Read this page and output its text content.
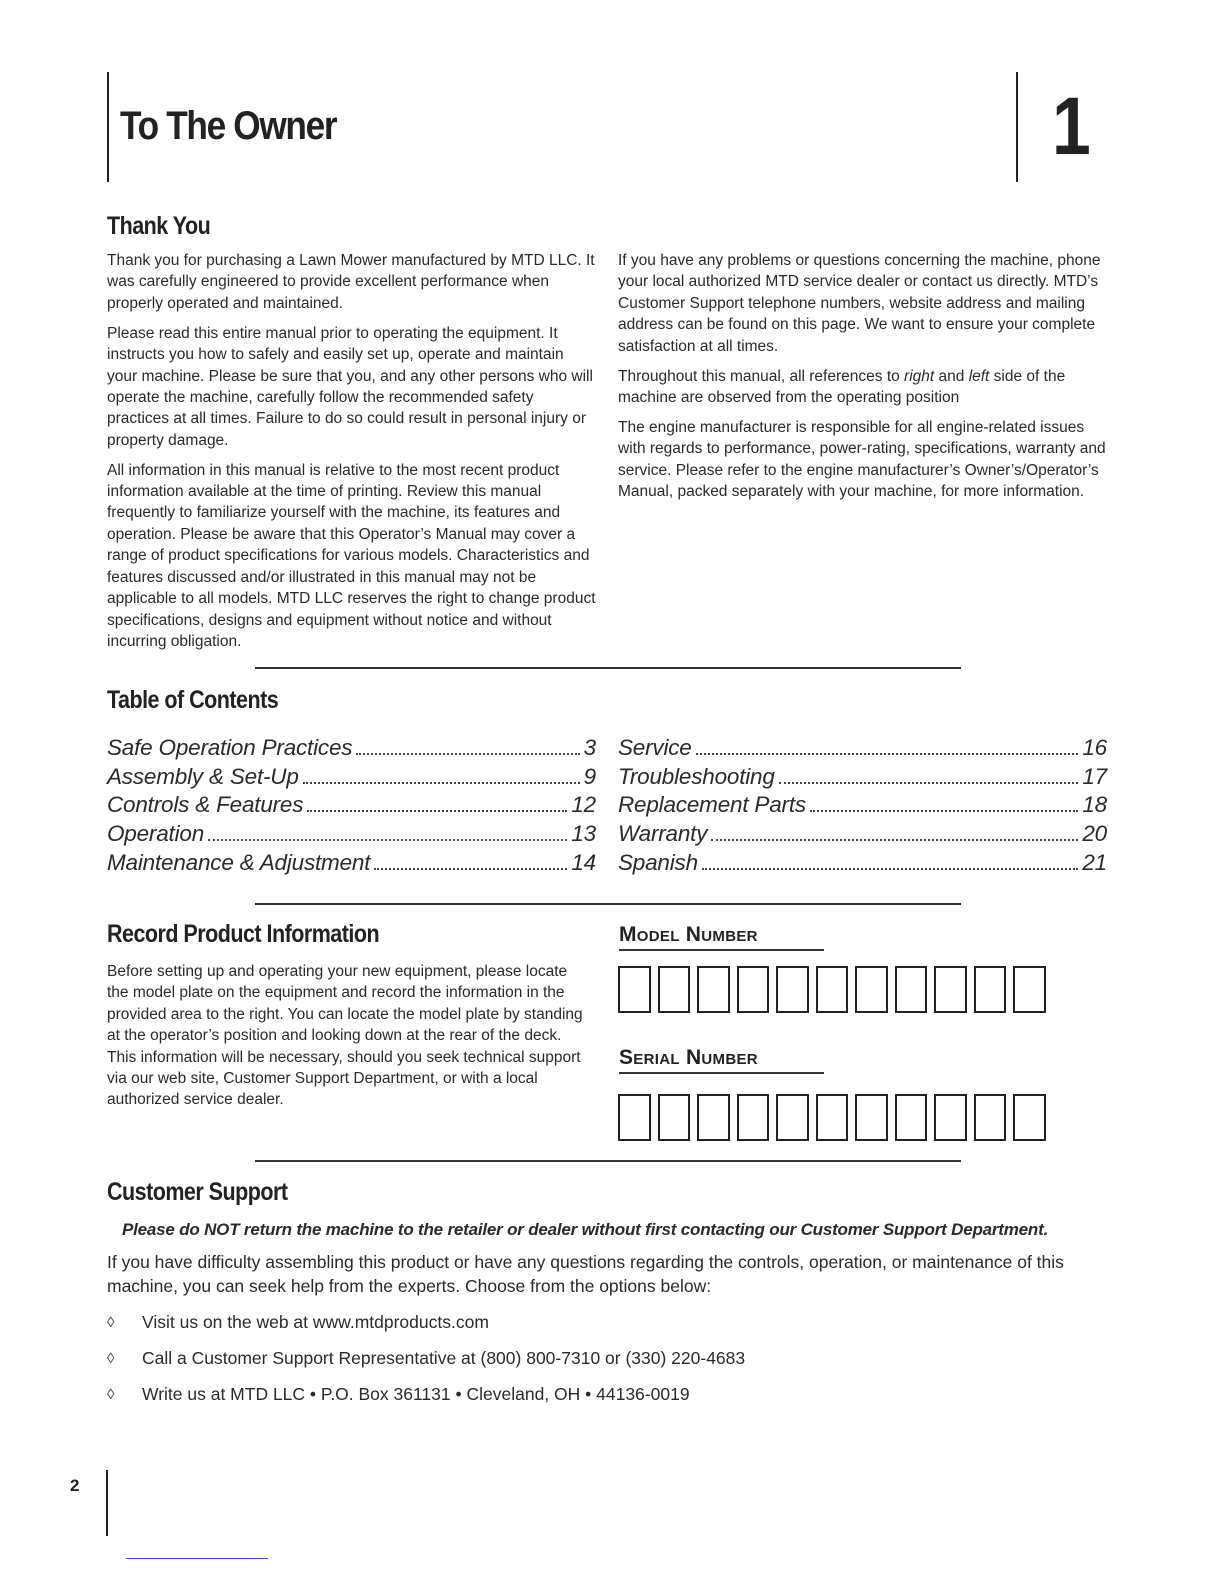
To The Owner	1
Thank You

Thank you for purchasing a Lawn Mower manufactured by MTD LLC. It was carefully engineered to provide excellent performance when properly operated and maintained.

Please read this entire manual prior to operating the equipment. It instructs you how to safely and easily set up, operate and maintain your machine. Please be sure that you, and any other persons who will operate the machine, carefully follow the recommended safety practices at all times. Failure to do so could result in personal injury or property damage.

All information in this manual is relative to the most recent product information available at the time of printing. Review this manual frequently to familiarize yourself with the machine, its features and operation. Please be aware that this Operator’s Manual may cover a range of product specifications for various models. Characteristics and features discussed and/or illustrated in this manual may not be applicable to all models. MTD LLC reserves the right to change product specifications, designs and equipment without notice and without incurring obligation.

If you have any problems or questions concerning the machine, phone your local authorized MTD service dealer or contact us directly. MTD’s Customer Support telephone numbers, website address and mailing address can be found on this page. We want to ensure your complete satisfaction at all times.

Throughout this manual, all references to right and left side of the machine are observed from the operating position

The engine manufacturer is responsible for all engine-related issues with regards to performance, power-rating, specifications, warranty and service. Please refer to the engine manufacturer’s Owner’s/Operator’s Manual, packed separately with your machine, for more information.

Table of Contents
Safe Operation Practices	3
Assembly & Set-Up	9
Controls & Features	12
Operation	13
Maintenance & Adjustment	14
Service	16
Troubleshooting	17
Replacement Parts	18
Warranty	20
Spanish	21
Record Product Information

Before setting up and operating your new equipment, please locate the model plate on the equipment and record the information in the provided area to the right. You can locate the model plate by standing at the operator’s position and looking down at the rear of the deck. This information will be necessary, should you seek technical support via our web site, Customer Support Department, or with a local authorized service dealer.

Model Number
Serial Number
Customer Support
Please do NOT return the machine to the retailer or dealer without first contacting our Customer Support Department.

If you have difficulty assembling this product or have any questions regarding the controls, operation, or maintenance of this machine, you can seek help from the experts. Choose from the options below:

◊	Visit us on the web at www.mtdproducts.com
◊	Call a Customer Support Representative at (800) 800-7310 or (330) 220-4683
◊	Write us at MTD LLC • P.O. Box 361131 • Cleveland, OH • 44136-0019
2
